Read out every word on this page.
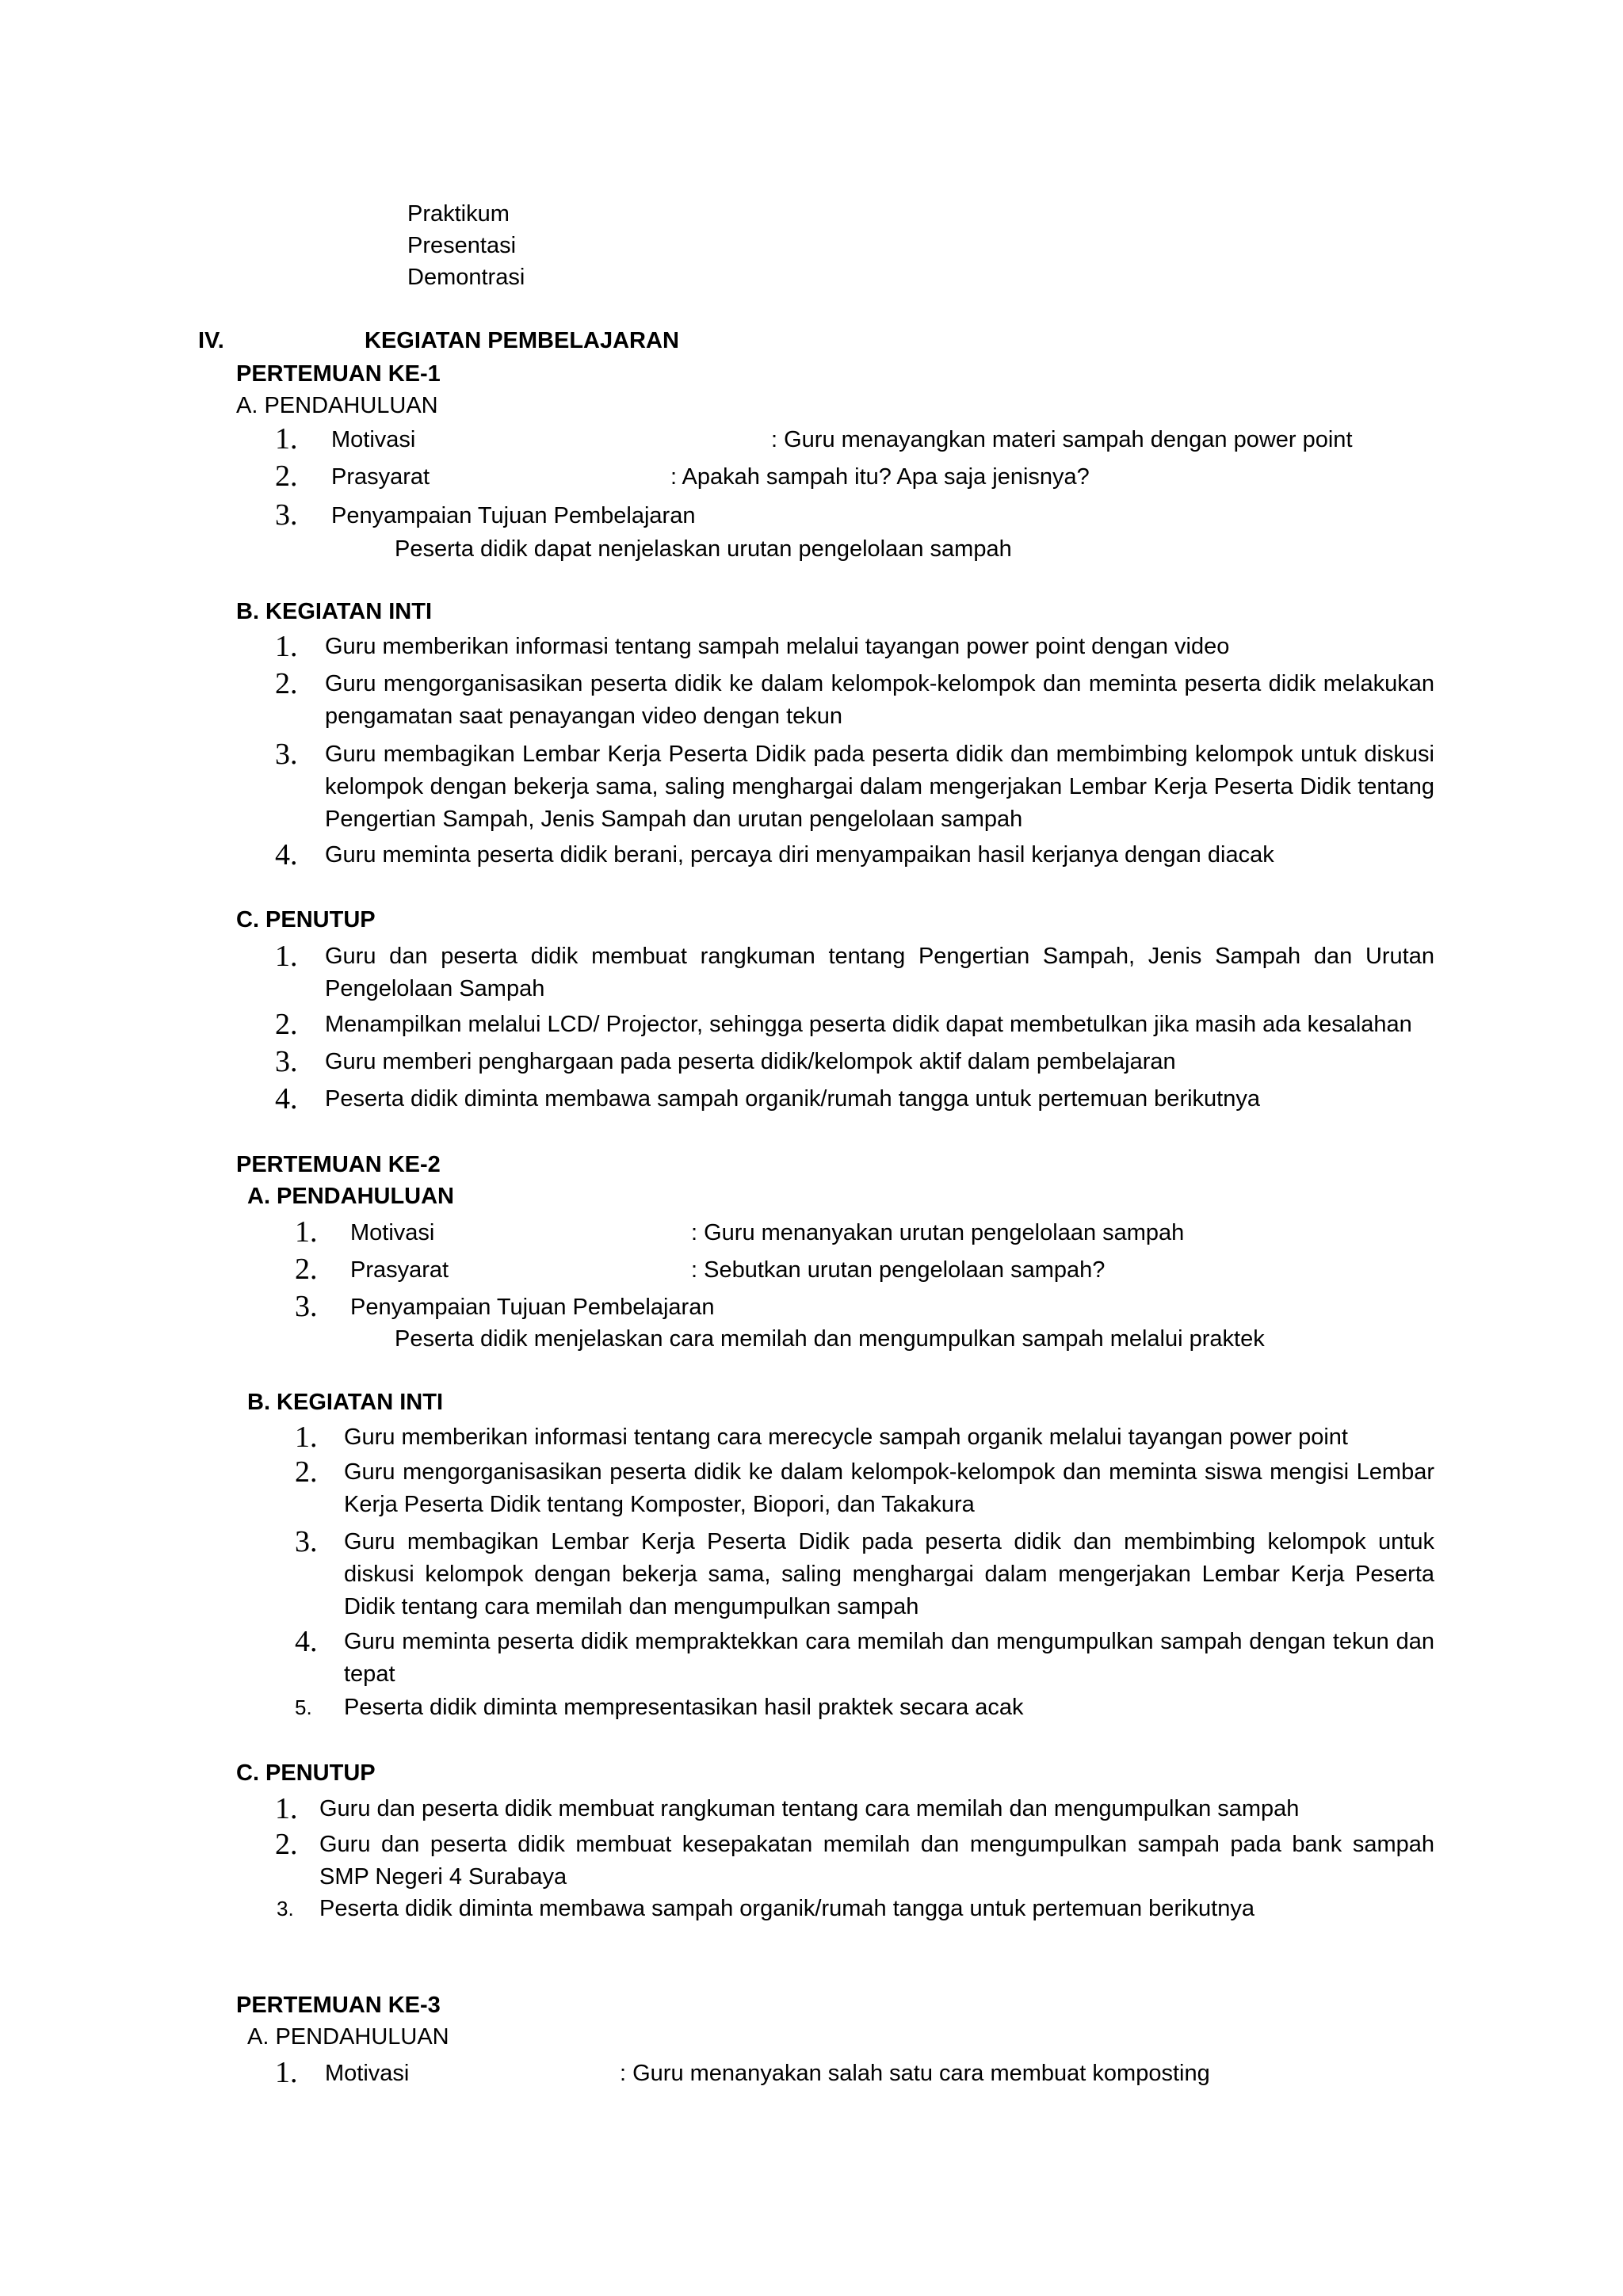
Praktikum
Presentasi
Demontrasi
IV.	KEGIATAN PEMBELAJARAN
PERTEMUAN KE-1
A. PENDAHULUAN
1. Motivasi	: Guru menayangkan materi sampah dengan power point
2. Prasyarat	: Apakah sampah itu? Apa saja jenisnya?
3. Penyampaian Tujuan Pembelajaran
Peserta didik dapat nenjelaskan urutan pengelolaan sampah
B. KEGIATAN INTI
1. Guru memberikan informasi tentang sampah melalui tayangan power point dengan video
2. Guru mengorganisasikan peserta didik ke dalam kelompok-kelompok dan meminta peserta didik melakukan pengamatan saat penayangan video dengan tekun
3. Guru membagikan Lembar Kerja Peserta Didik pada peserta didik dan membimbing kelompok untuk diskusi kelompok dengan bekerja sama, saling menghargai dalam mengerjakan Lembar Kerja Peserta Didik tentang Pengertian Sampah, Jenis Sampah dan urutan pengelolaan sampah
4. Guru meminta peserta didik berani, percaya diri menyampaikan hasil kerjanya dengan diacak
C. PENUTUP
1. Guru dan peserta didik membuat rangkuman tentang Pengertian Sampah, Jenis Sampah dan Urutan Pengelolaan Sampah
2. Menampilkan melalui LCD/ Projector, sehingga peserta didik dapat membetulkan jika masih ada kesalahan
3. Guru memberi penghargaan pada peserta didik/kelompok aktif dalam pembelajaran
4. Peserta didik diminta membawa sampah organik/rumah tangga untuk pertemuan berikutnya
PERTEMUAN KE-2
A. PENDAHULUAN
1. Motivasi	: Guru menanyakan urutan pengelolaan sampah
2. Prasyarat	: Sebutkan urutan pengelolaan sampah?
3. Penyampaian Tujuan Pembelajaran
Peserta didik menjelaskan cara memilah dan mengumpulkan sampah melalui praktek
B. KEGIATAN INTI
1. Guru memberikan informasi tentang cara merecycle sampah organik melalui tayangan power point
2. Guru mengorganisasikan peserta didik ke dalam kelompok-kelompok dan meminta siswa mengisi Lembar Kerja Peserta Didik tentang Komposter, Biopori, dan Takakura
3. Guru membagikan Lembar Kerja Peserta Didik pada peserta didik dan membimbing kelompok untuk diskusi kelompok dengan bekerja sama, saling menghargai dalam mengerjakan Lembar Kerja Peserta Didik tentang cara memilah dan mengumpulkan sampah
4. Guru meminta peserta didik mempraktekkan cara memilah dan mengumpulkan sampah dengan tekun dan tepat
5. Peserta didik diminta mempresentasikan hasil praktek secara acak
C. PENUTUP
1. Guru dan peserta didik membuat rangkuman tentang cara memilah dan mengumpulkan sampah
2. Guru dan peserta didik membuat kesepakatan memilah dan mengumpulkan sampah pada bank sampah SMP Negeri 4 Surabaya
3. Peserta didik diminta membawa sampah organik/rumah tangga untuk pertemuan berikutnya
PERTEMUAN KE-3
A. PENDAHULUAN
1. Motivasi	: Guru menanyakan salah satu cara membuat komposting
